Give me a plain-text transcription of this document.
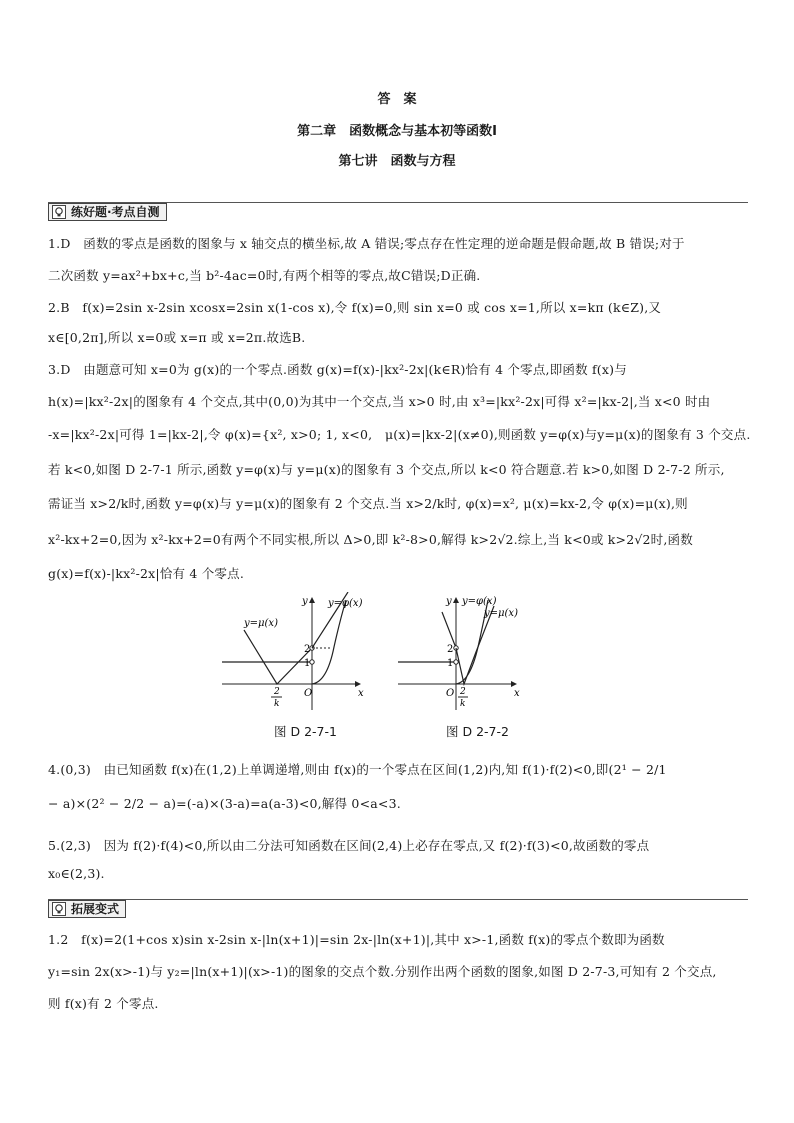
答　案
第二章　函数概念与基本初等函数Ⅰ
第七讲　函数与方程
练好题·考点自测
1.D　函数的零点是函数的图象与 x 轴交点的横坐标,故 A 错误;零点存在性定理的逆命题是假命题,故 B 错误;对于
二次函数 y=ax²+bx+c,当 b²-4ac=0时,有两个相等的零点,故C错误;D正确.
2.B　f(x)=2sin x-2sin xcosx=2sin x(1-cos x),令 f(x)=0,则 sin x=0 或 cos x=1,所以 x=kπ (k∈Z),又
x∈[0,2π],所以 x=0或 x=π 或 x=2π.故选B.
3.D　由题意可知 x=0为 g(x)的一个零点.函数 g(x)=f(x)-|kx²-2x|(k∈R)恰有 4 个零点,即函数 f(x)与
h(x)=|kx²-2x|的图象有 4 个交点,其中(0,0)为其中一个交点,当 x>0 时,由 x³=|kx²-2x|可得 x²=|kx-2|,当 x<0 时由
-x=|kx²-2x|可得 1=|kx-2|,令 φ(x)={x², x>0; 1, x<0,　μ(x)=|kx-2|(x≠0),则函数 y=φ(x)与y=μ(x)的图象有 3 个交点.
若 k<0,如图 D 2-7-1 所示,函数 y=φ(x)与 y=μ(x)的图象有 3 个交点,所以 k<0 符合题意.若 k>0,如图 D 2-7-2 所示,
需证当 x>2/k时,函数 y=φ(x)与 y=μ(x)的图象有 2 个交点.当 x>2/k时, φ(x)=x², μ(x)=kx-2,令 φ(x)=μ(x),则
x²-kx+2=0,因为 x²-kx+2=0有两个不同实根,所以 Δ>0,即 k²-8>0,解得 k>2√2.综上,当 k<0或 k>2√2时,函数
g(x)=f(x)-|kx²-2x|恰有 4 个零点.
y=φ(x)
y=μ(x)
y
x
2
1
O
2
k
图 D 2-7-1
y=φ(x)
y=μ(x)
y
x
2
1
O 2
k
图 D 2-7-2
4.(0,3)　由已知函数 f(x)在(1,2)上单调递增,则由 f(x)的一个零点在区间(1,2)内,知 f(1)·f(2)<0,即(2¹ − 2/1
− a)×(2² − 2/2 − a)=(-a)×(3-a)=a(a-3)<0,解得 0<a<3.
5.(2,3)　因为 f(2)·f(4)<0,所以由二分法可知函数在区间(2,4)上必存在零点,又 f(2)·f(3)<0,故函数的零点
x₀∈(2,3).
拓展变式
1.2　f(x)=2(1+cos x)sin x-2sin x-|ln(x+1)|=sin 2x-|ln(x+1)|,其中 x>-1,函数 f(x)的零点个数即为函数
y₁=sin 2x(x>-1)与 y₂=|ln(x+1)|(x>-1)的图象的交点个数.分别作出两个函数的图象,如图 D 2-7-3,可知有 2 个交点,
则 f(x)有 2 个零点.
